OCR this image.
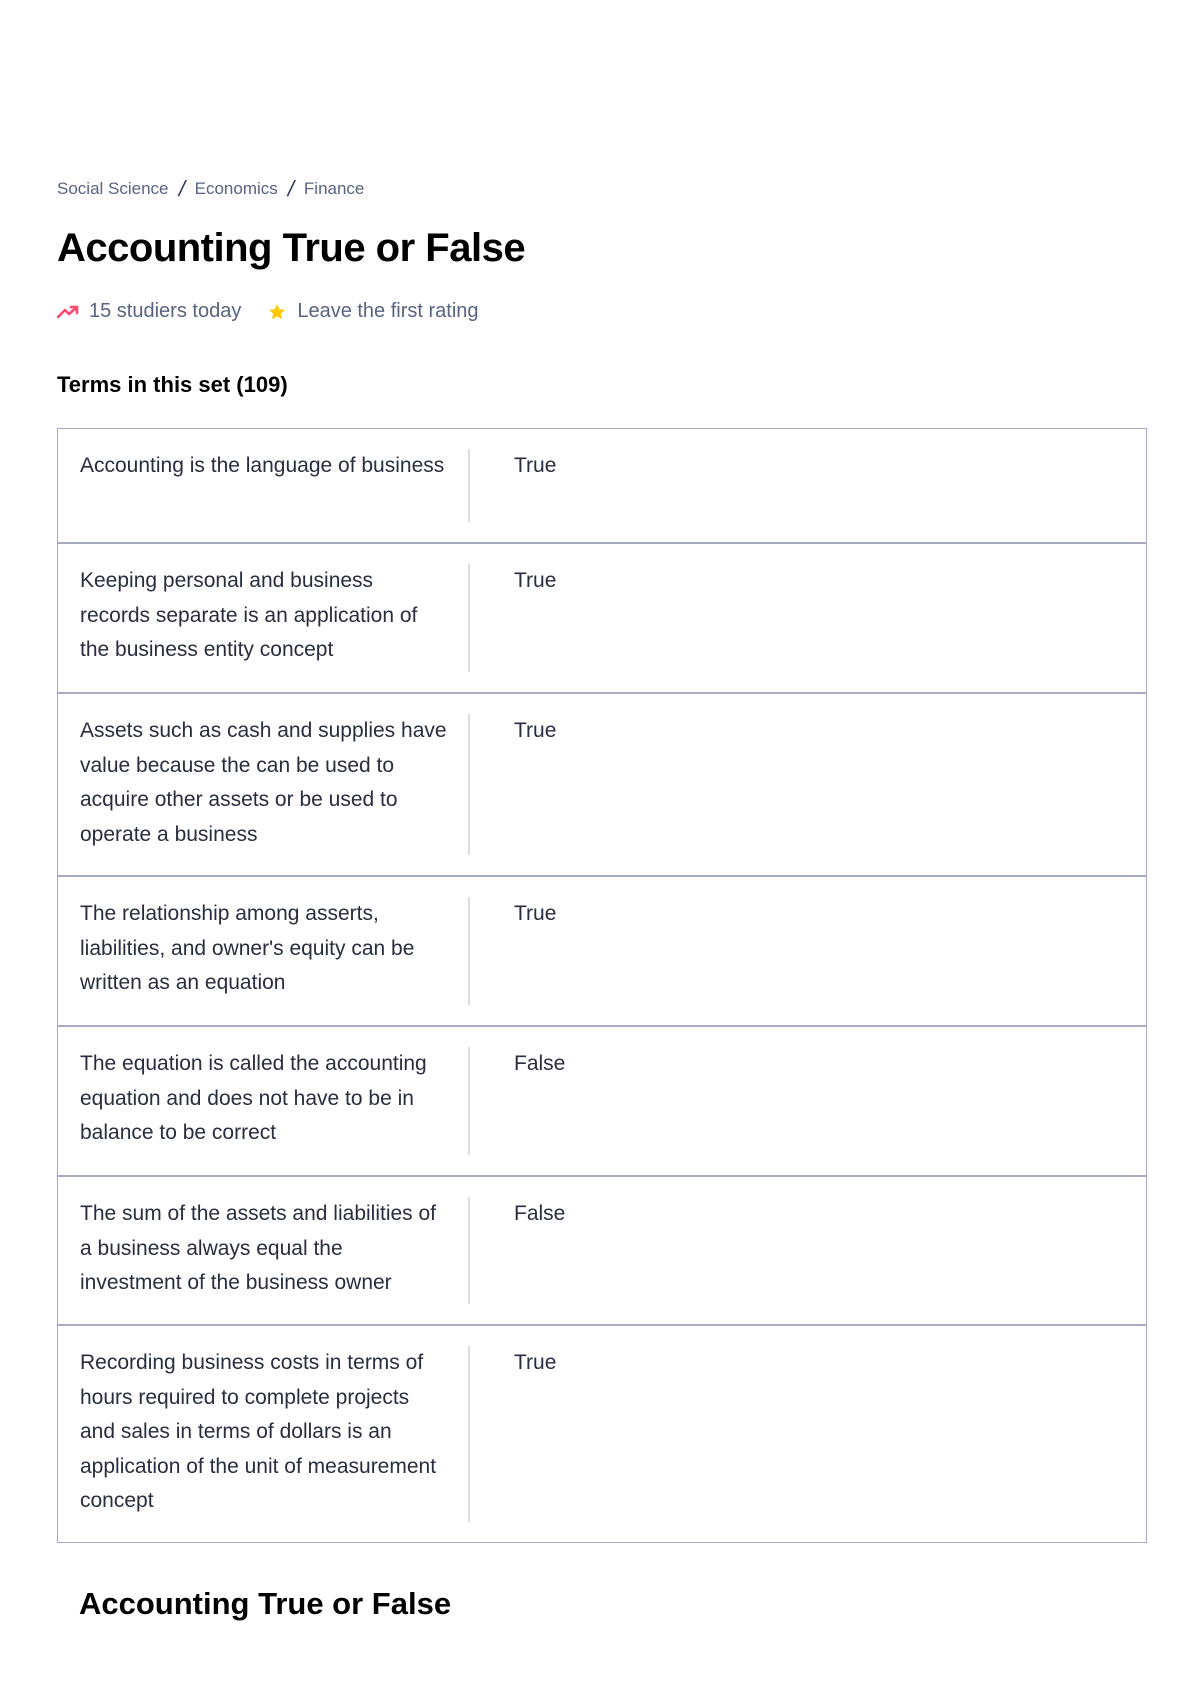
Social Science / Economics / Finance
Accounting True or False
15 studiers today	Leave the first rating
Terms in this set (109)
Accounting is the language of business	True
Keeping personal and business records separate is an application of the business entity concept
True
Assets such as cash and supplies have value because the can be used to acquire other assets or be used to operate a business
True
The relationship among asserts, liabilities, and owner's equity can be written as an equation
True
The equation is called the accounting equation and does not have to be in balance to be correct
False
The sum of the assets and liabilities of a business always equal the investment of the business owner
False
Recording business costs in terms of hours required to complete projects and sales in terms of dollars is an application of the unit of measurement concept
True
Accounting True or False
